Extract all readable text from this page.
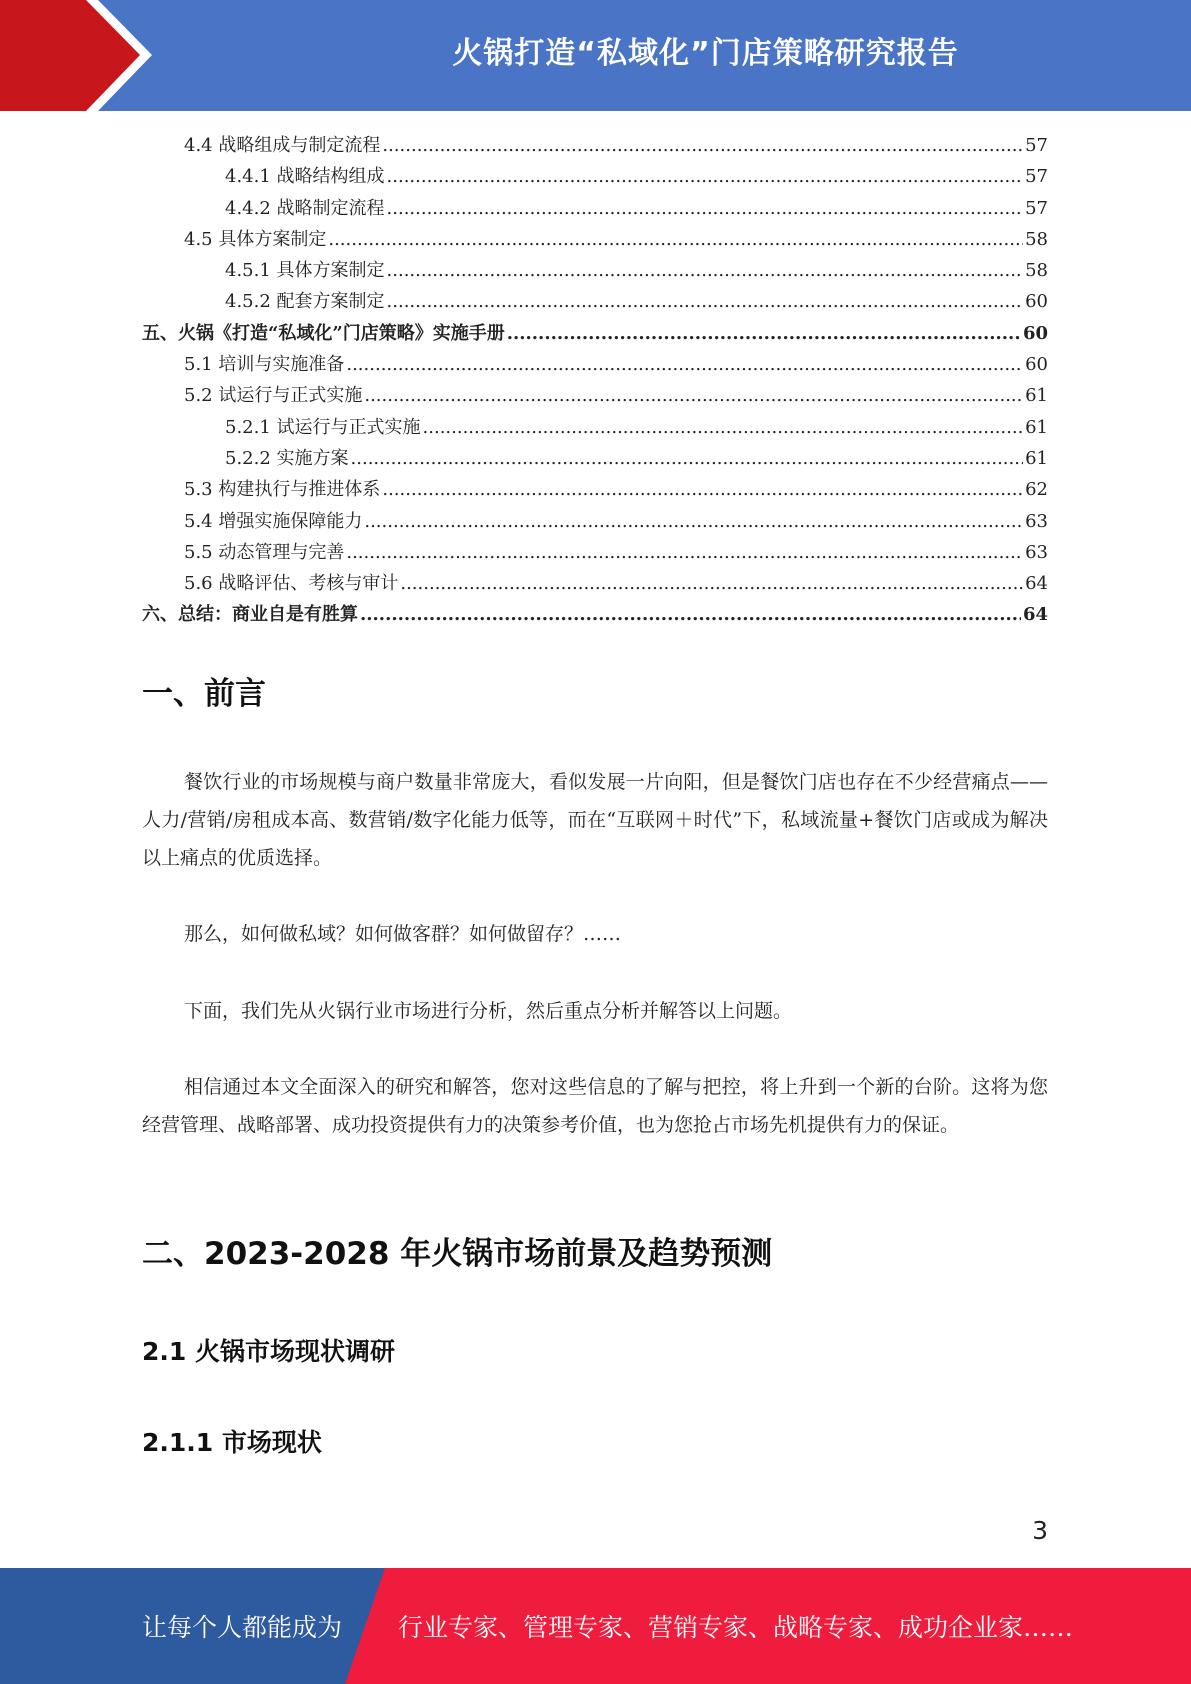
火锅打造“私域化”门店策略研究报告
4.4 战略组成与制定流程 .....	57
4.4.1 战略结构组成 .....	57
4.4.2 战略制定流程 .....	57
4.5 具体方案制定 .....	58
4.5.1 具体方案制定 .....	58
4.5.2 配套方案制定 .....	60
五、火锅《打造“私域化”门店策略》实施手册 .....	60
5.1 培训与实施准备 .....	60
5.2 试运行与正式实施 .....	61
5.2.1 试运行与正式实施 .....	61
5.2.2 实施方案 .....	61
5.3 构建执行与推进体系 .....	62
5.4 增强实施保障能力 .....	63
5.5 动态管理与完善 .....	63
5.6 战略评估、考核与审计 .....	64
六、总结：商业自是有胜算 .....	64
一、前言

餐饮行业的市场规模与商户数量非常庞大，看似发展一片向阳，但是餐饮门店也存在不少经营痛点——人力/营销/房租成本高、数营销/数字化能力低等，而在“互联网＋时代”下，私域流量+餐饮门店或成为解决以上痛点的优质选择。

那么，如何做私域？如何做客群？如何做留存？……

下面，我们先从火锅行业市场进行分析，然后重点分析并解答以上问题。

相信通过本文全面深入的研究和解答，您对这些信息的了解与把控，将上升到一个新的台阶。这将为您经营管理、战略部署、成功投资提供有力的决策参考价值，也为您抢占市场先机提供有力的保证。

二、2023-2028 年火锅市场前景及趋势预测
2.1 火锅市场现状调研
2.1.1 市场现状
3
让每个人都能成为 行业专家、管理专家、营销专家、战略专家、成功企业家……
